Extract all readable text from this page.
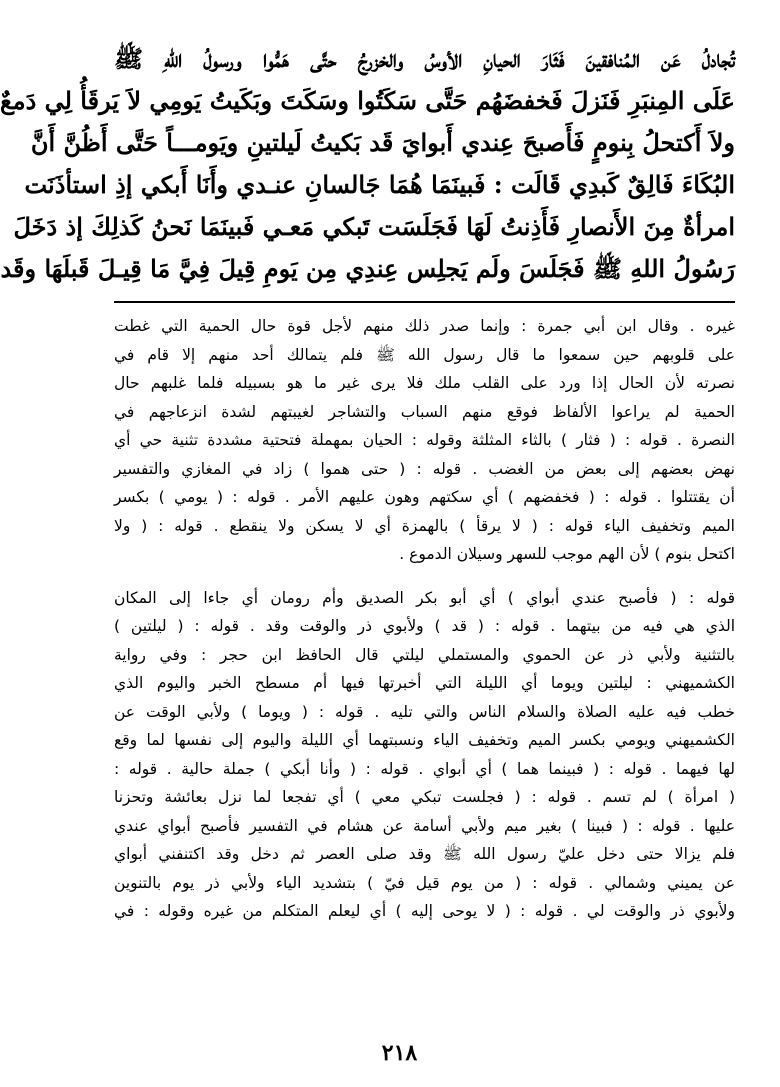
تُجادلُ عَن المُنافقينَ فَثَارَ الحيانِ الأوسُ والخزرجُ حتَّى هَمُّوا ورسولُ اللهِ ﷺ
عَلَى المِنبَرِ فَنَزلَ فَخفضَهُم حَتَّى سَكَتُوا وسَكَتَ وبَكَيتُ يَومِي لاَ يَرقَأُ لِي دَمعٌ
ولاَ أَكتحلُ بِنومٍ فَأَصبحَ عِندي أَبوايَ قَد بَكيتُ لَيلتينِ ويَومـــاً حَتَّى أَظُنَّ أَنَّ
البُكَاءَ فَالِقٌ كَبدِي قَالَت : فَبينَمَا هُمَا جَالسانِ عنـدي وأَنَا أَبكي إذِ استأذَنَت
امرأةٌ مِنَ الأَنصارِ فَأَذِنتُ لَهَا فَجَلَسَت تَبكي مَعـي فَبينَمَا نَحنُ كَذلِكَ إذ دَخَلَ
رَسُولُ اللهِ ﷺ فَجَلَسَ ولَم يَجلِس عِندِي مِن يَومِ قِيلَ فِيَّ مَا قِيـلَ قَبلَهَا وقَد
غيره . وقال ابن أبي جمرة : وإنما صدر ذلك منهم لأجل قوة حال الحمية التي غطت
على قلوبهم حين سمعوا ما قال رسول الله ﷺ فلم يتمالك أحد منهم إلا قام في
نصرته لأن الحال إذا ورد على القلب ملك فلا يرى غير ما هو بسبيله فلما غلبهم حال
الحمية لم يراعوا الألفاظ فوقع منهم السباب والتشاجر لغيبتهم لشدة انزعاجهم في
النصرة . قوله : ( فثار ) بالثاء المثلثة وقوله : الحيان بمهملة فتحتية مشددة تثنية حي أي
نهض بعضهم إلى بعض من الغضب . قوله : ( حتى هموا ) زاد في المغازي والتفسير
أن يقتتلوا . قوله : ( فخفضهم ) أي سكتهم وهون عليهم الأمر . قوله : ( يومي ) بكسر
الميم وتخفيف الياء قوله : ( لا يرقأ ) بالهمزة أي لا يسكن ولا ينقطع . قوله : ( ولا
اكتحل بنوم ) لأن الهم موجب للسهر وسيلان الدموع .
قوله : ( فأصبح عندي أبواي ) أي أبو بكر الصديق وأم رومان أي جاءا إلى المكان
الذي هي فيه من بيتهما . قوله : ( قد ) ولأبوي ذر والوقت وقد . قوله : ( ليلتين )
بالتثنية ولأبي ذر عن الحموي والمستملي ليلتي قال الحافظ ابن حجر : وفي رواية
الكشميهني : ليلتين ويوما أي الليلة التي أخبرتها فيها أم مسطح الخبر واليوم الذي
خطب فيه عليه الصلاة والسلام الناس والتي تليه . قوله : ( ويوما ) ولأبي الوقت عن
الكشميهني ويومي بكسر الميم وتخفيف الياء ونسبتهما أي الليلة واليوم إلى نفسها لما وقع
لها فيهما . قوله : ( فبينما هما ) أي أبواي . قوله : ( وأنا أبكي ) جملة حالية . قوله :
( امرأة ) لم تسم . قوله : ( فجلست تبكي معي ) أي تفجعا لما نزل بعائشة وتحزنا
عليها . قوله : ( فبينا ) بغير ميم ولأبي أسامة عن هشام في التفسير فأصبح أبواي عندي
فلم يزالا حتى دخل عليّ رسول الله ﷺ وقد صلى العصر ثم دخل وقد اكتنفني أبواي
عن يميني وشمالي . قوله : ( من يوم قيل فيّ ) بتشديد الياء ولأبي ذر يوم بالتنوين
ولأبوي ذر والوقت لي . قوله : ( لا يوحى إليه ) أي ليعلم المتكلم من غيره وقوله : في
٢١٨
